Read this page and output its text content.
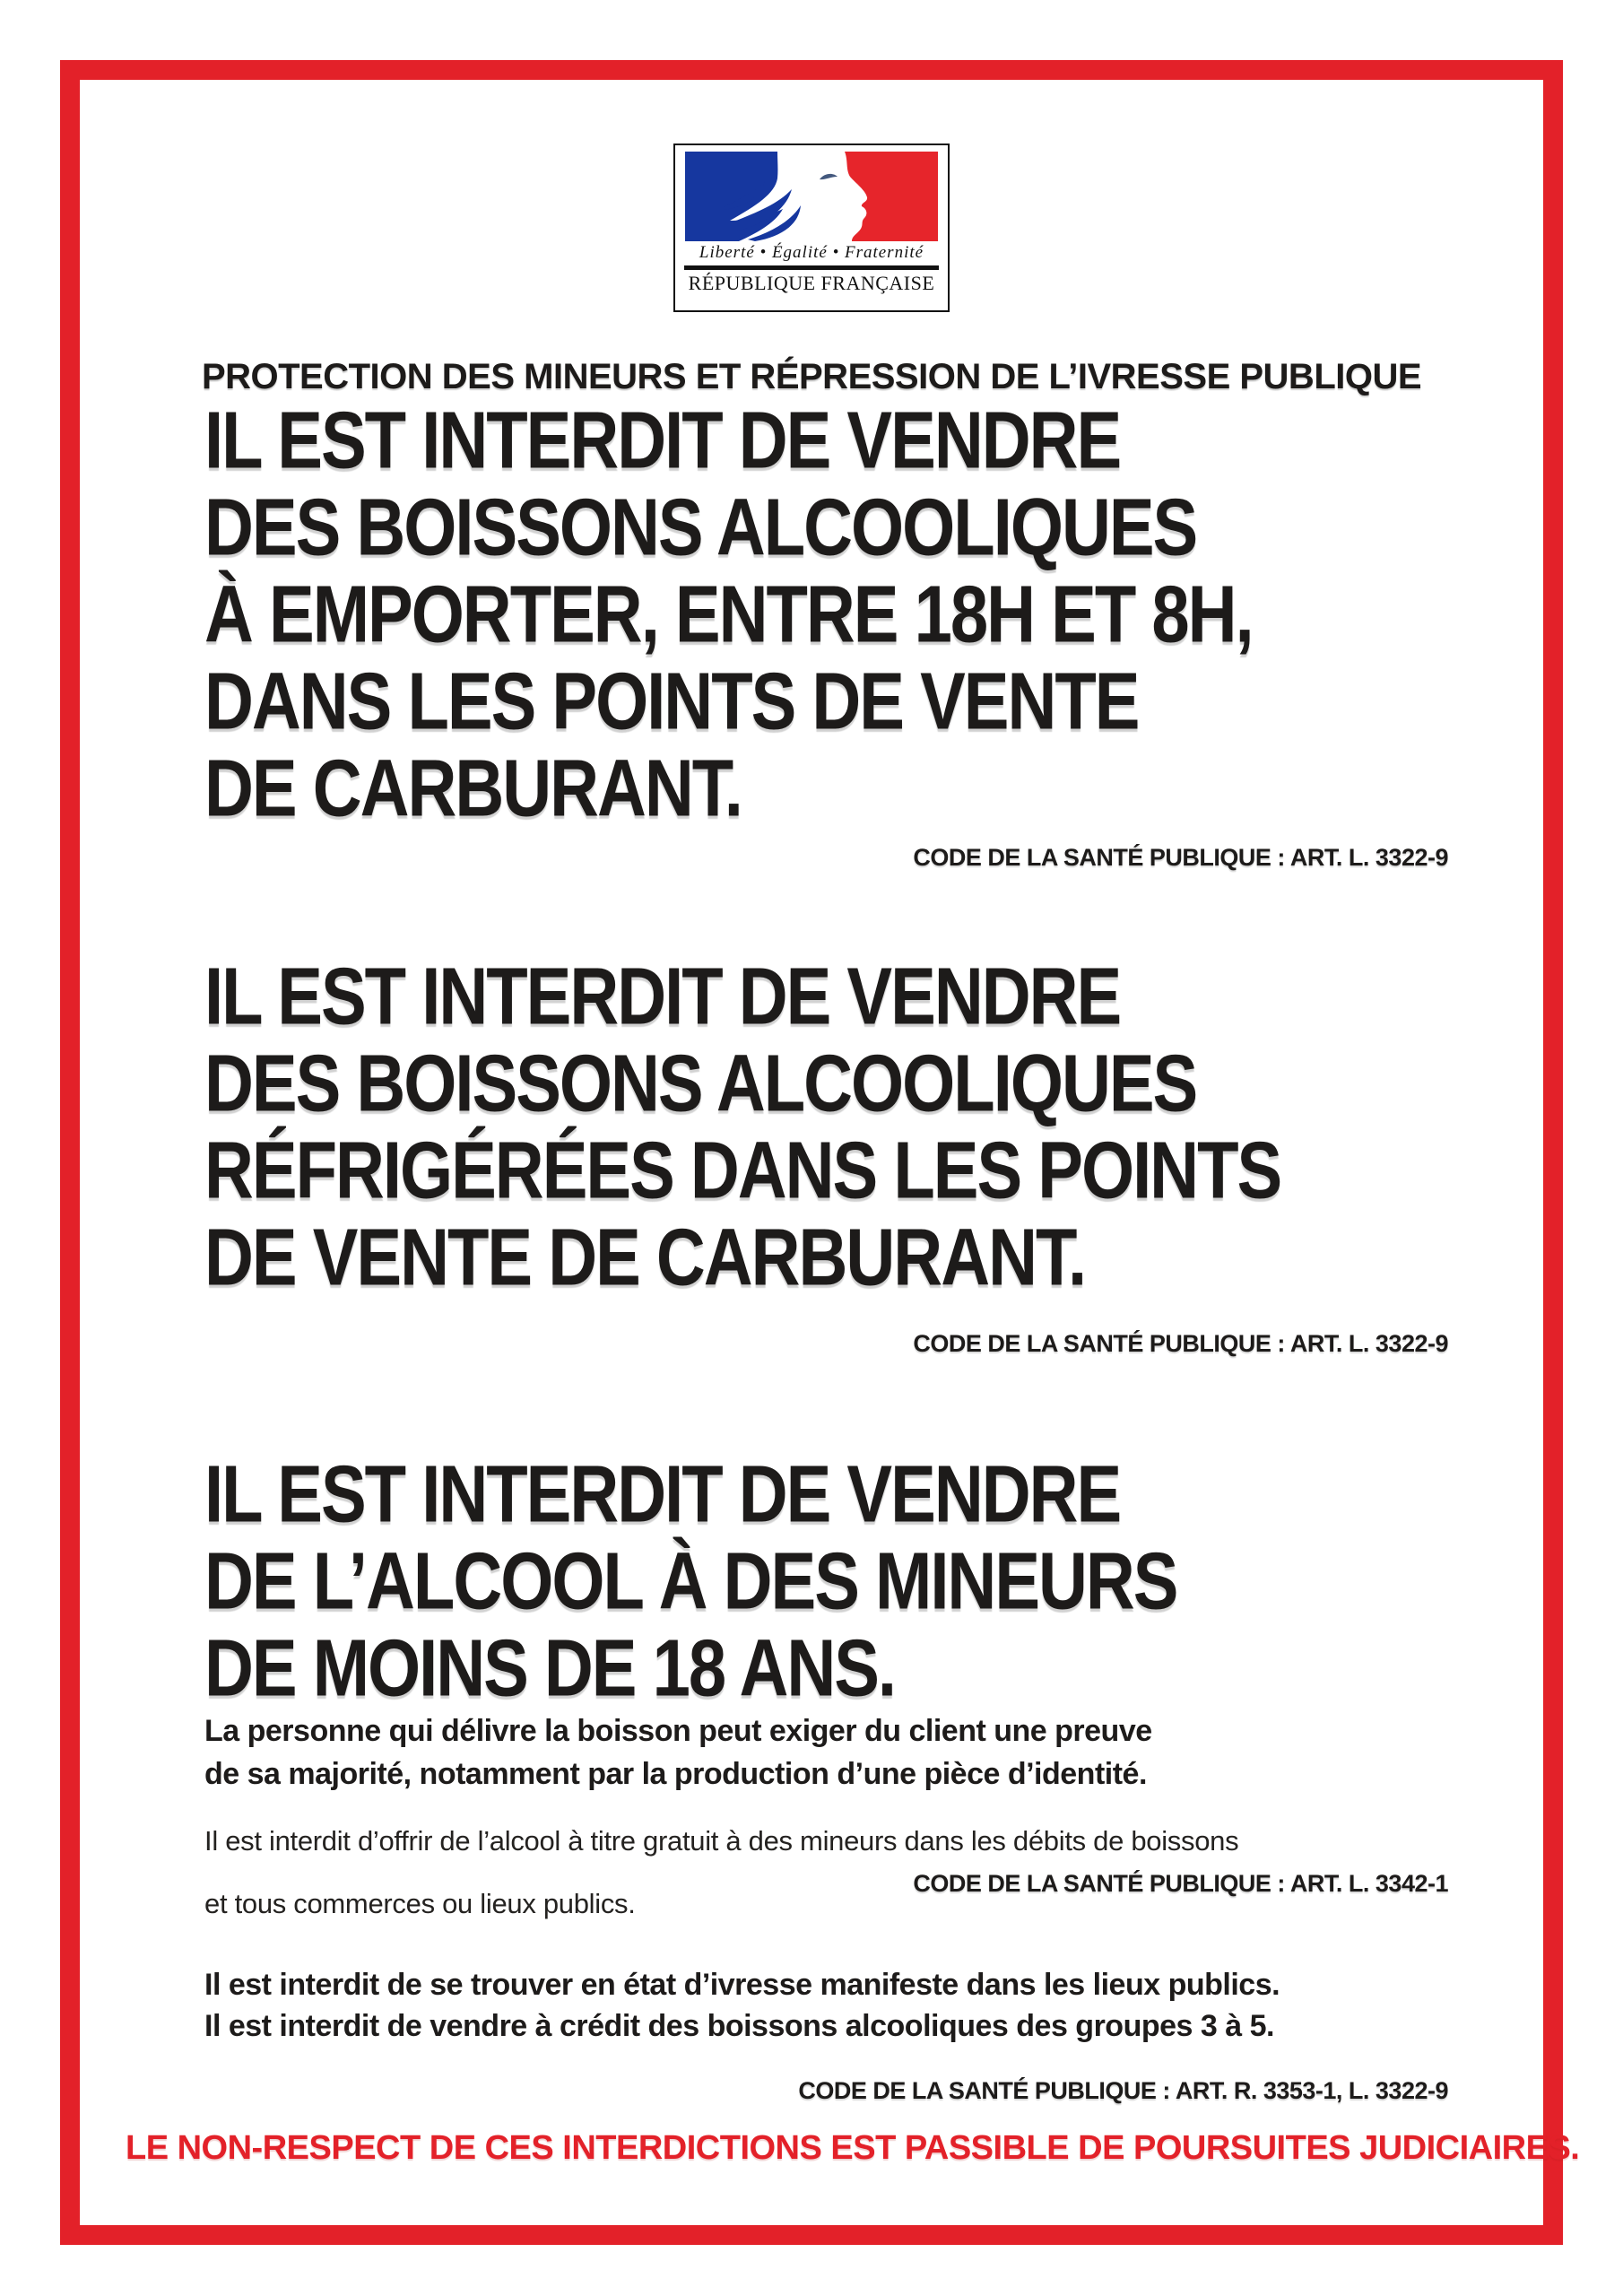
Liberté • Égalité • Fraternité
RÉPUBLIQUE FRANÇAISE
PROTECTION DES MINEURS ET RÉPRESSION DE L’IVRESSE PUBLIQUE
IL EST INTERDIT DE VENDRE
DES BOISSONS ALCOOLIQUES
À EMPORTER, ENTRE 18H ET 8H,
DANS LES POINTS DE VENTE
DE CARBURANT.
CODE DE LA SANTÉ PUBLIQUE : ART. L. 3322-9
IL EST INTERDIT DE VENDRE
DES BOISSONS ALCOOLIQUES
RÉFRIGÉRÉES DANS LES POINTS
DE VENTE DE CARBURANT.
CODE DE LA SANTÉ PUBLIQUE : ART. L. 3322-9
IL EST INTERDIT DE VENDRE
DE L’ALCOOL À DES MINEURS
DE MOINS DE 18 ANS.
La personne qui délivre la boisson peut exiger du client une preuve
de sa majorité, notamment par la production d’une pièce d’identité.
Il est interdit d’offrir de l’alcool à titre gratuit à des mineurs dans les débits de boissons
et tous commerces ou lieux publics.
CODE DE LA SANTÉ PUBLIQUE : ART. L. 3342-1
Il est interdit de se trouver en état d’ivresse manifeste dans les lieux publics.
Il est interdit de vendre à crédit des boissons alcooliques des groupes 3 à 5.
CODE DE LA SANTÉ PUBLIQUE : ART. R. 3353-1, L. 3322-9
LE NON-RESPECT DE CES INTERDICTIONS EST PASSIBLE DE POURSUITES JUDICIAIRES.
